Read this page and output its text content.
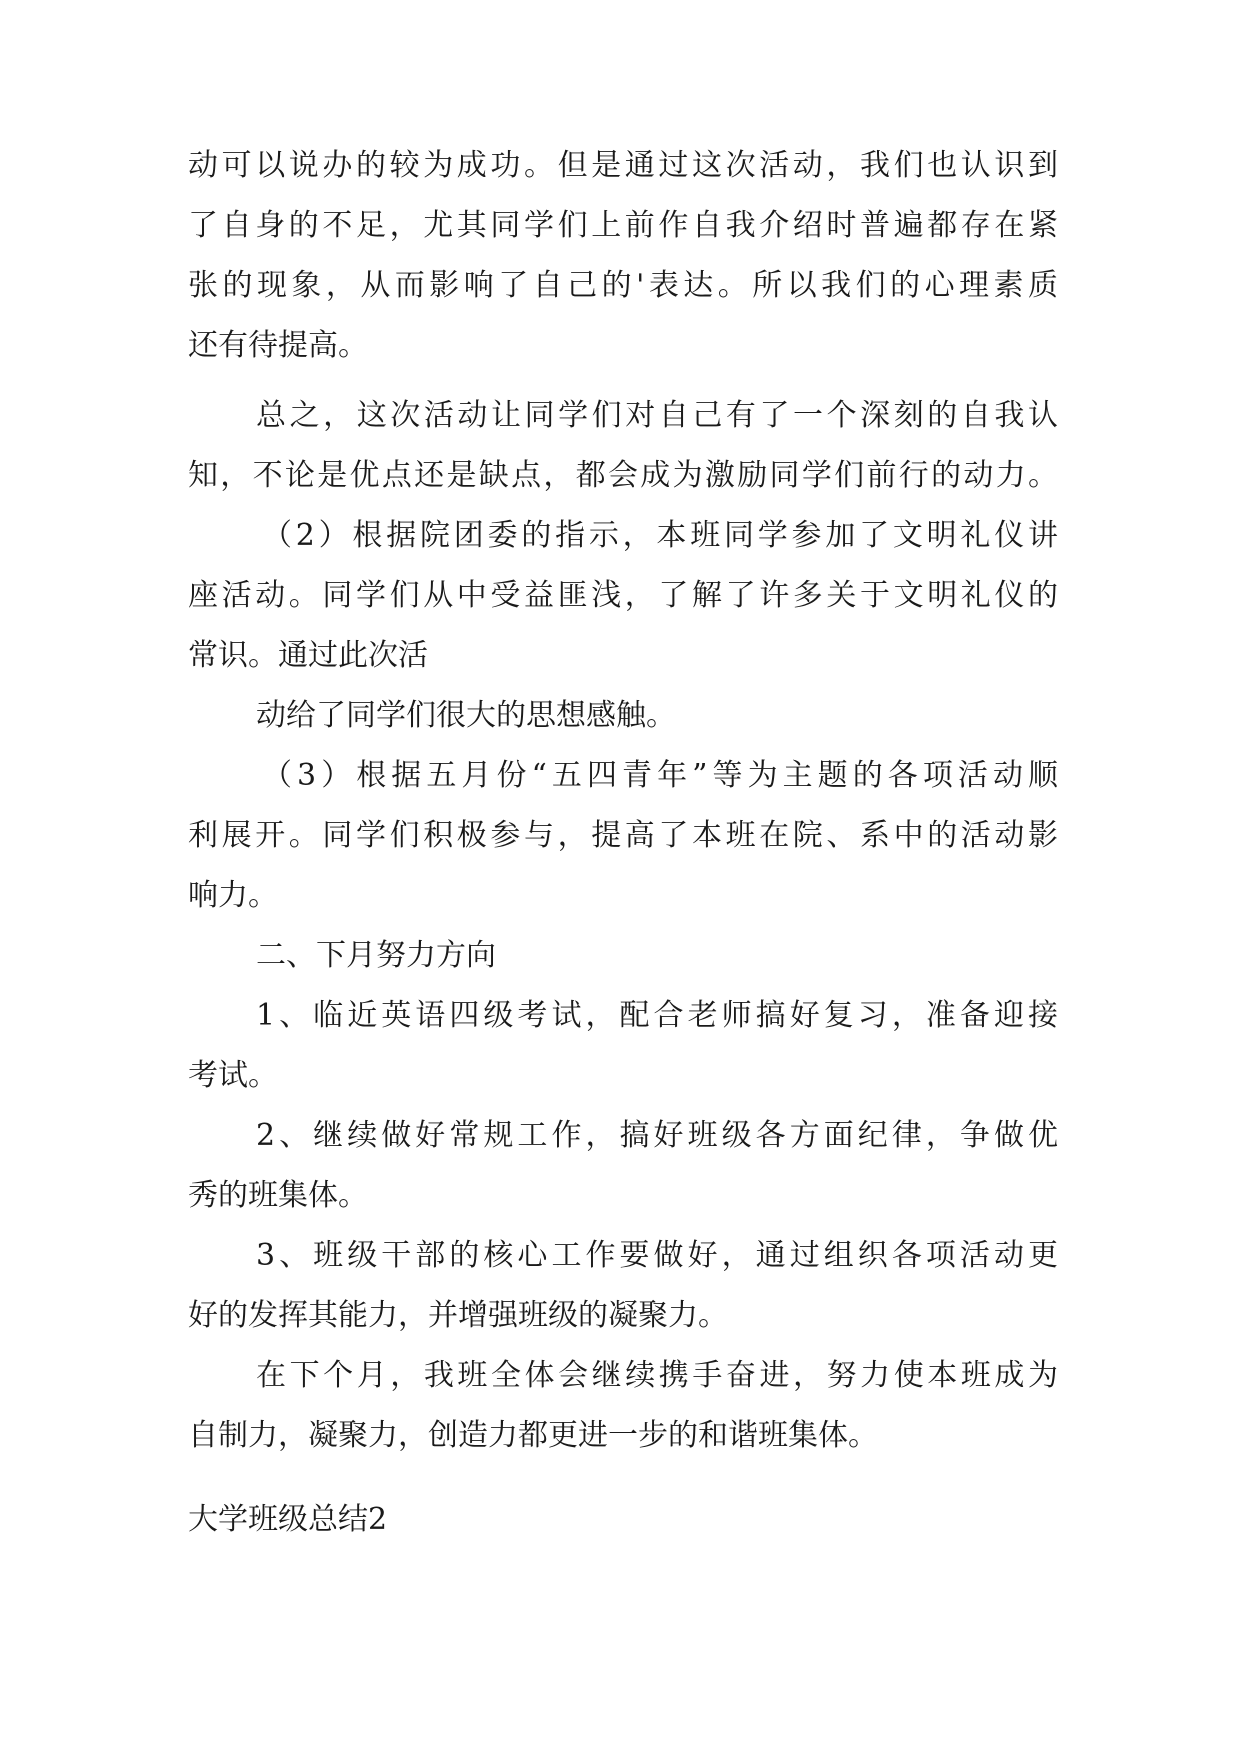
动可以说办的较为成功。但是通过这次活动，我们也认识到
了自身的不足，尤其同学们上前作自我介绍时普遍都存在紧
张的现象，从而影响了自己的'表达。所以我们的心理素质
还有待提高。
总之，这次活动让同学们对自己有了一个深刻的自我认
知，不论是优点还是缺点，都会成为激励同学们前行的动力。
（2）根据院团委的指示，本班同学参加了文明礼仪讲
座活动。同学们从中受益匪浅，了解了许多关于文明礼仪的
常识。通过此次活
动给了同学们很大的思想感触。
（3）根据五月份“五四青年”等为主题的各项活动顺
利展开。同学们积极参与，提高了本班在院、系中的活动影
响力。
二、下月努力方向
1、临近英语四级考试，配合老师搞好复习，准备迎接
考试。
2、继续做好常规工作，搞好班级各方面纪律，争做优
秀的班集体。
3、班级干部的核心工作要做好，通过组织各项活动更
好的发挥其能力，并增强班级的凝聚力。
在下个月，我班全体会继续携手奋进，努力使本班成为
自制力，凝聚力，创造力都更进一步的和谐班集体。
大学班级总结2
